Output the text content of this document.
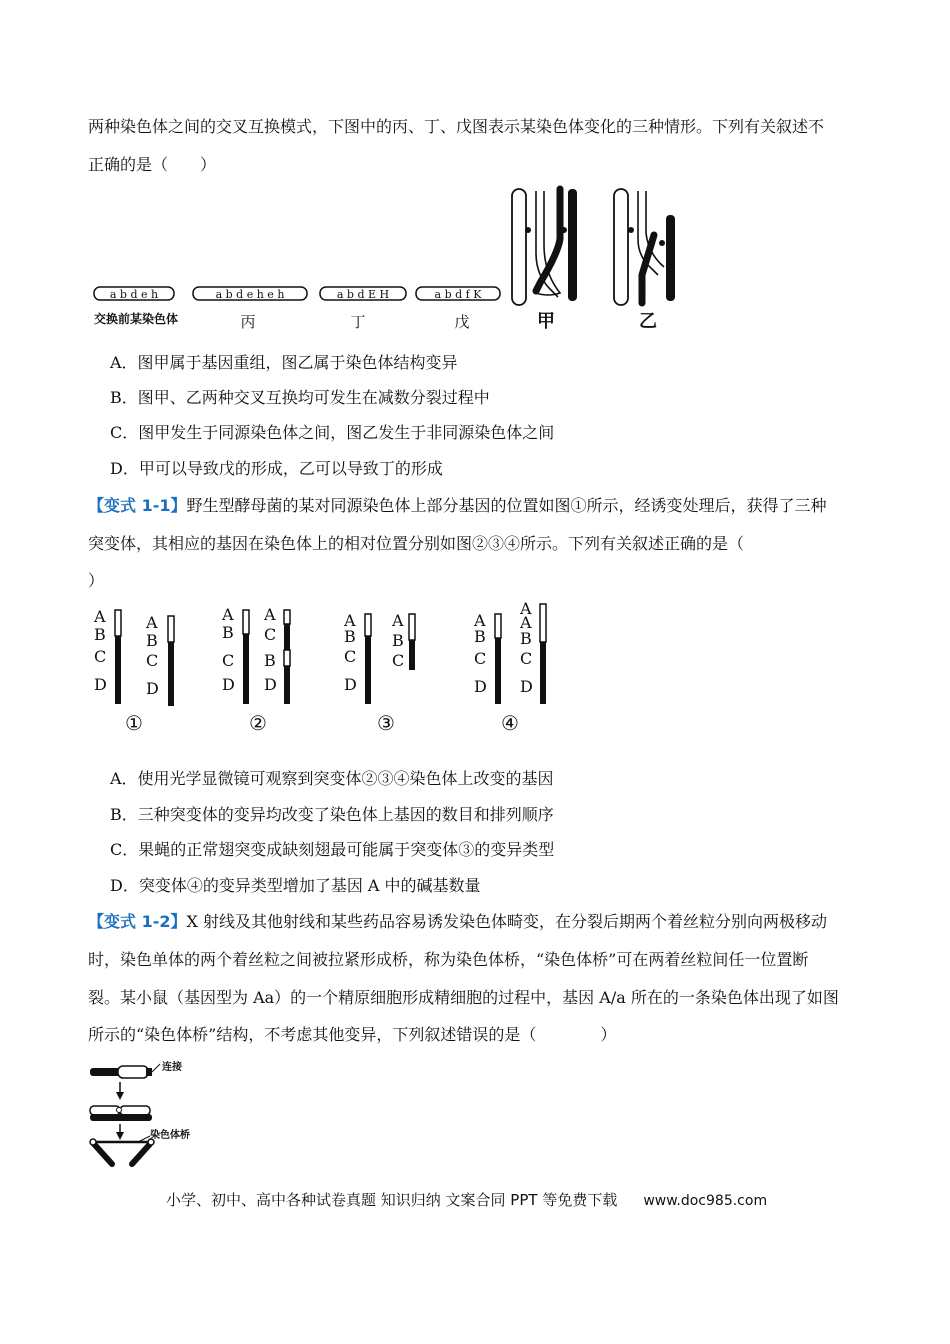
两种染色体之间的交叉互换模式，下图中的丙、丁、戊图表示某染色体变化的三种情形。下列有关叙述不
正确的是（　　）
a b d e h	a b d e h e h	a b d E H	a b d f K
交换前某染色体	丙	丁	戊	甲	乙
A．图甲属于基因重组，图乙属于染色体结构变异
B．图甲、乙两种交叉互换均可发生在减数分裂过程中
C．图甲发生于同源染色体之间，图乙发生于非同源染色体之间
D．甲可以导致戊的形成，乙可以导致丁的形成
【变式 1-1】野生型酵母菌的某对同源染色体上部分基因的位置如图①所示，经诱变处理后，获得了三种
突变体，其相应的基因在染色体上的相对位置分别如图②③④所示。下列有关叙述正确的是（
）
A
B
C
D
A
B
C
D
A
B
C
D
A
C
B
D
A
B
C
D
A
B
C
A
B
C
D
A
A
B
C
D
①	②	③	④
A．使用光学显微镜可观察到突变体②③④染色体上改变的基因
B．三种突变体的变异均改变了染色体上基因的数目和排列顺序
C．果蝇的正常翅突变成缺刻翅最可能属于突变体③的变异类型
D．突变体④的变异类型增加了基因 A 中的碱基数量
【变式 1-2】X 射线及其他射线和某些药品容易诱发染色体畸变，在分裂后期两个着丝粒分别向两极移动
时，染色单体的两个着丝粒之间被拉紧形成桥，称为染色体桥，“染色体桥”可在两着丝粒间任一位置断
裂。某小鼠（基因型为 Aa）的一个精原细胞形成精细胞的过程中，基因 A/a 所在的一条染色体出现了如图
所示的“染色体桥”结构，不考虑其他变异，下列叙述错误的是（　　　　）
连接
染色体桥
小学、初中、高中各种试卷真题 知识归纳 文案合同 PPT 等免费下载 www.doc985.com
